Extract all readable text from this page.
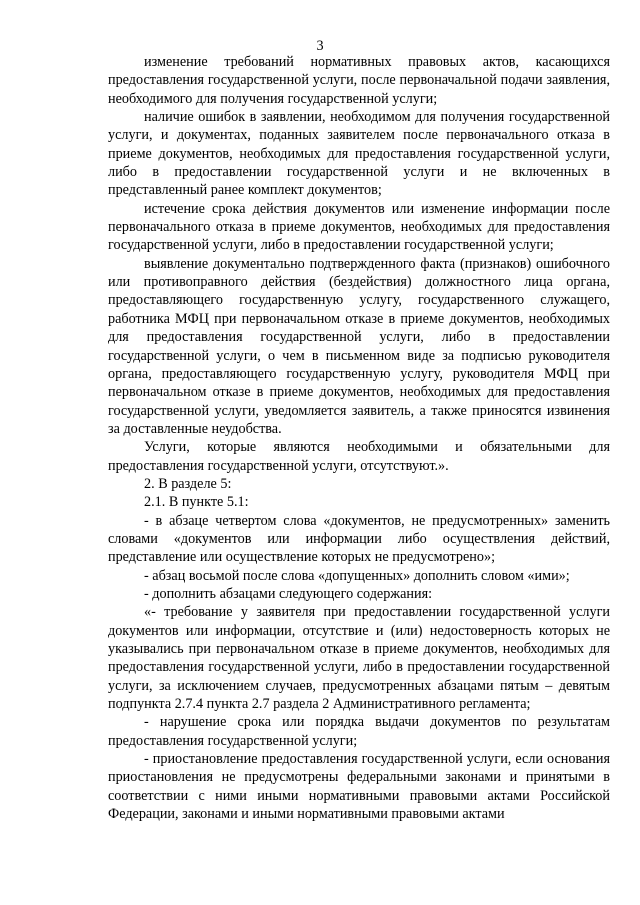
3

изменение требований нормативных правовых актов, касающихся предоставления государственной услуги, после первоначальной подачи заявления, необходимого для получения государственной услуги;

наличие ошибок в заявлении, необходимом для получения государственной услуги, и документах, поданных заявителем после первоначального отказа в приеме документов, необходимых для предоставления государственной услуги, либо в предоставлении государственной услуги и не включенных в представленный ранее комплект документов;

истечение срока действия документов или изменение информации после первоначального отказа в приеме документов, необходимых для предоставления государственной услуги, либо в предоставлении государственной услуги;

выявление документально подтвержденного факта (признаков) ошибочного или противоправного действия (бездействия) должностного лица органа, предоставляющего государственную услугу, государственного служащего, работника МФЦ при первоначальном отказе в приеме документов, необходимых для предоставления государственной услуги, либо в предоставлении государственной услуги, о чем в письменном виде за подписью руководителя органа, предоставляющего государственную услугу, руководителя МФЦ при первоначальном отказе в приеме документов, необходимых для предоставления государственной услуги, уведомляется заявитель, а также приносятся извинения за доставленные неудобства.

Услуги, которые являются необходимыми и обязательными для предоставления государственной услуги, отсутствуют.».

2. В разделе 5:

2.1. В пункте 5.1:

- в абзаце четвертом слова «документов, не предусмотренных» заменить словами «документов или информации либо осуществления действий, представление или осуществление которых не предусмотрено»;

- абзац восьмой после слова «допущенных» дополнить словом «ими»;

- дополнить абзацами следующего содержания:

«- требование у заявителя при предоставлении государственной услуги документов или информации, отсутствие и (или) недостоверность которых не указывались при первоначальном отказе в приеме документов, необходимых для предоставления государственной услуги, либо в предоставлении государственной услуги, за исключением случаев, предусмотренных абзацами пятым – девятым подпункта 2.7.4 пункта 2.7 раздела 2 Административного регламента;

- нарушение срока или порядка выдачи документов по результатам предоставления государственной услуги;

- приостановление предоставления государственной услуги, если основания приостановления не предусмотрены федеральными законами и принятыми в соответствии с ними иными нормативными правовыми актами Российской Федерации, законами и иными нормативными правовыми актами
